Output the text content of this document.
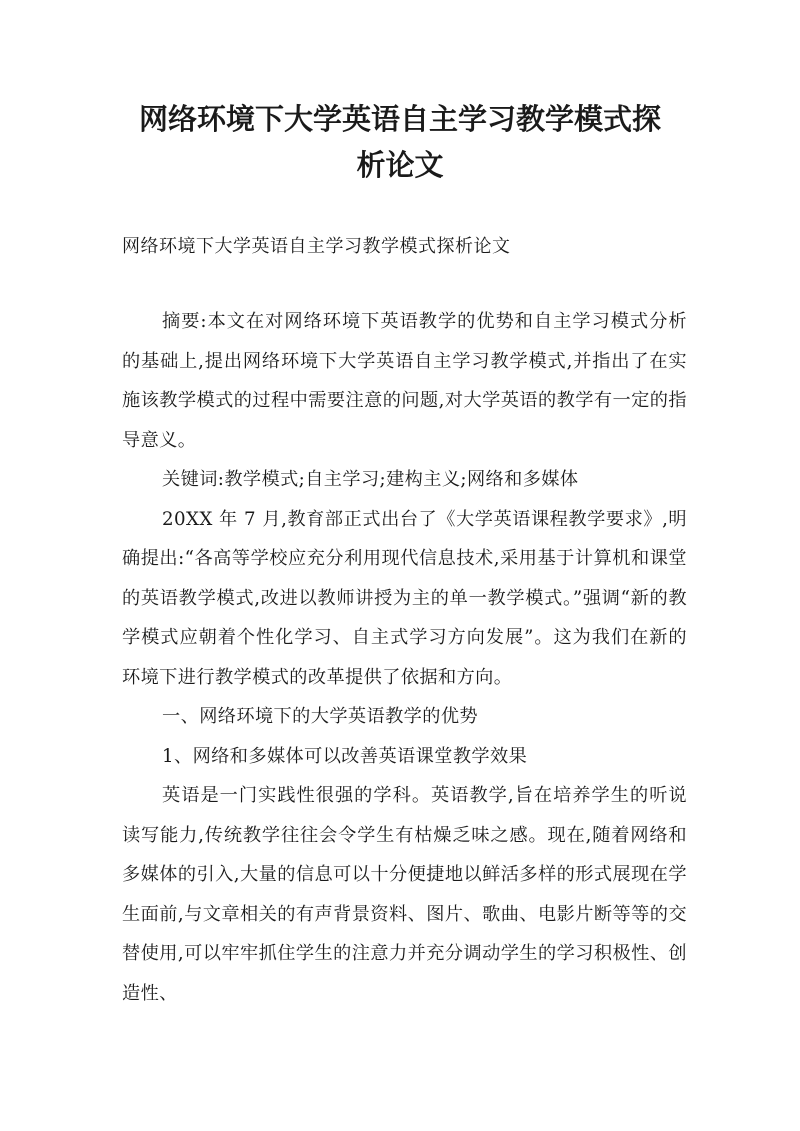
网络环境下大学英语自主学习教学模式探
析论文
网络环境下大学英语自主学习教学模式探析论文

摘要:本文在对网络环境下英语教学的优势和自主学习模式分析的基础上,提出网络环境下大学英语自主学习教学模式,并指出了在实施该教学模式的过程中需要注意的问题,对大学英语的教学有一定的指导意义。

关键词:教学模式;自主学习;建构主义;网络和多媒体

20XX 年 7 月,教育部正式出台了《大学英语课程教学要求》,明确提出:“各高等学校应充分利用现代信息技术,采用基于计算机和课堂的英语教学模式,改进以教师讲授为主的单一教学模式。”强调“新的教学模式应朝着个性化学习、自主式学习方向发展”。这为我们在新的环境下进行教学模式的改革提供了依据和方向。

一、网络环境下的大学英语教学的优势

1、网络和多媒体可以改善英语课堂教学效果

英语是一门实践性很强的学科。英语教学,旨在培养学生的听说读写能力,传统教学往往会令学生有枯燥乏味之感。现在,随着网络和多媒体的引入,大量的信息可以十分便捷地以鲜活多样的形式展现在学生面前,与文章相关的有声背景资料、图片、歌曲、电影片断等等的交替使用,可以牢牢抓住学生的注意力并充分调动学生的学习积极性、创造性、
